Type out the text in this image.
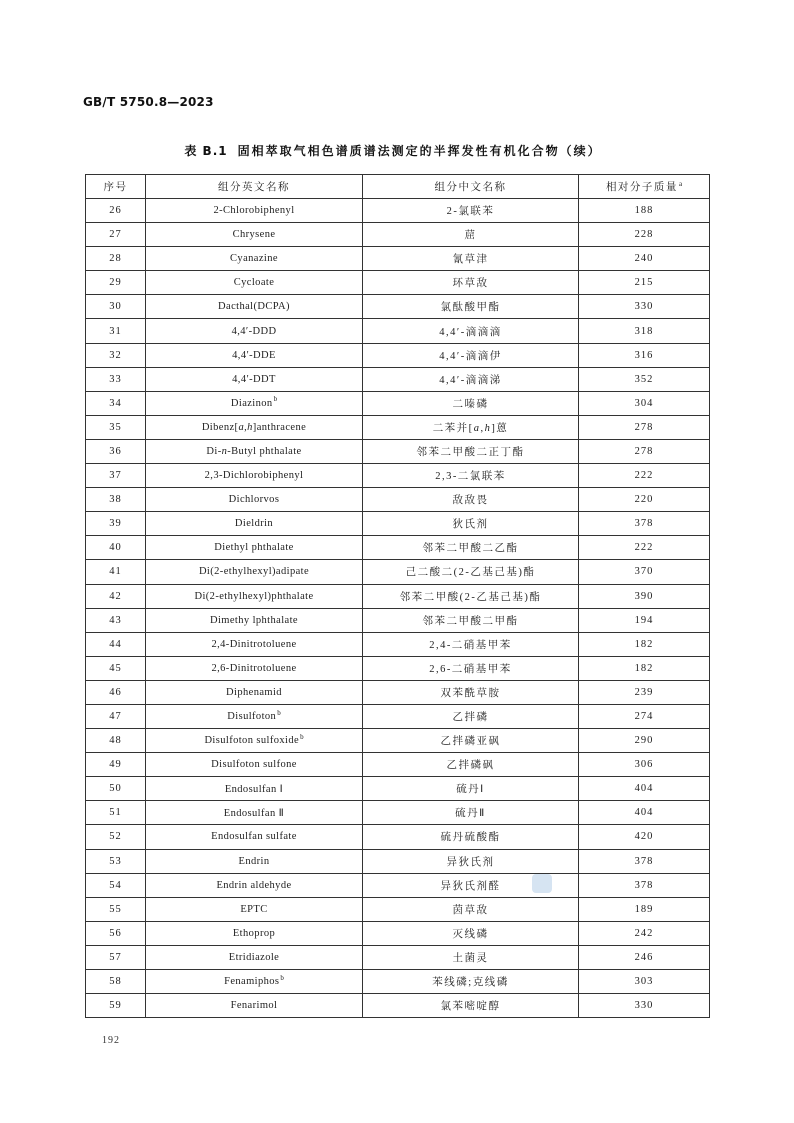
GB/T 5750.8—2023
表 B.1 固相萃取气相色谱质谱法测定的半挥发性有机化合物（续）
序号	组分英文名称	组分中文名称	相对分子质量$^a$
26	2-Chlorobiphenyl	2-氯联苯	188
27	Chrysene	䓛	228
28	Cyanazine	氰草津	240
29	Cycloate	环草敌	215
30	Dacthal(DCPA)	氯酞酸甲酯	330
31	4,4′-DDD	4,4′-滴滴滴	318
32	4,4′-DDE	4,4′-滴滴伊	316
33	4,4′-DDT	4,4′-滴滴涕	352
34	Diazinon$^b$	二嗪磷	304
35	Dibenz[a,h]anthracene	二苯并[a,h]蒽	278
36	Di-n-Butyl phthalate	邻苯二甲酸二正丁酯	278
37	2,3-Dichlorobiphenyl	2,3-二氯联苯	222
38	Dichlorvos	敌敌畏	220
39	Dieldrin	狄氏剂	378
40	Diethyl phthalate	邻苯二甲酸二乙酯	222
41	Di(2-ethylhexyl)adipate	己二酸二(2-乙基己基)酯	370
42	Di(2-ethylhexyl)phthalate	邻苯二甲酸(2-乙基己基)酯	390
43	Dimethy lphthalate	邻苯二甲酸二甲酯	194
44	2,4-Dinitrotoluene	2,4-二硝基甲苯	182
45	2,6-Dinitrotoluene	2,6-二硝基甲苯	182
46	Diphenamid	双苯酰草胺	239
47	Disulfoton$^b$	乙拌磷	274
48	Disulfoton sulfoxide$^b$	乙拌磷亚砜	290
49	Disulfoton sulfone	乙拌磷砜	306
50	Endosulfan Ⅰ	硫丹Ⅰ	404
51	Endosulfan Ⅱ	硫丹Ⅱ	404
52	Endosulfan sulfate	硫丹硫酸酯	420
53	Endrin	异狄氏剂	378
54	Endrin aldehyde	异狄氏剂醛	378
55	EPTC	茵草敌	189
56	Ethoprop	灭线磷	242
57	Etridiazole	土菌灵	246
58	Fenamiphos$^b$	苯线磷;克线磷	303
59	Fenarimol	氯苯嘧啶醇	330
192
